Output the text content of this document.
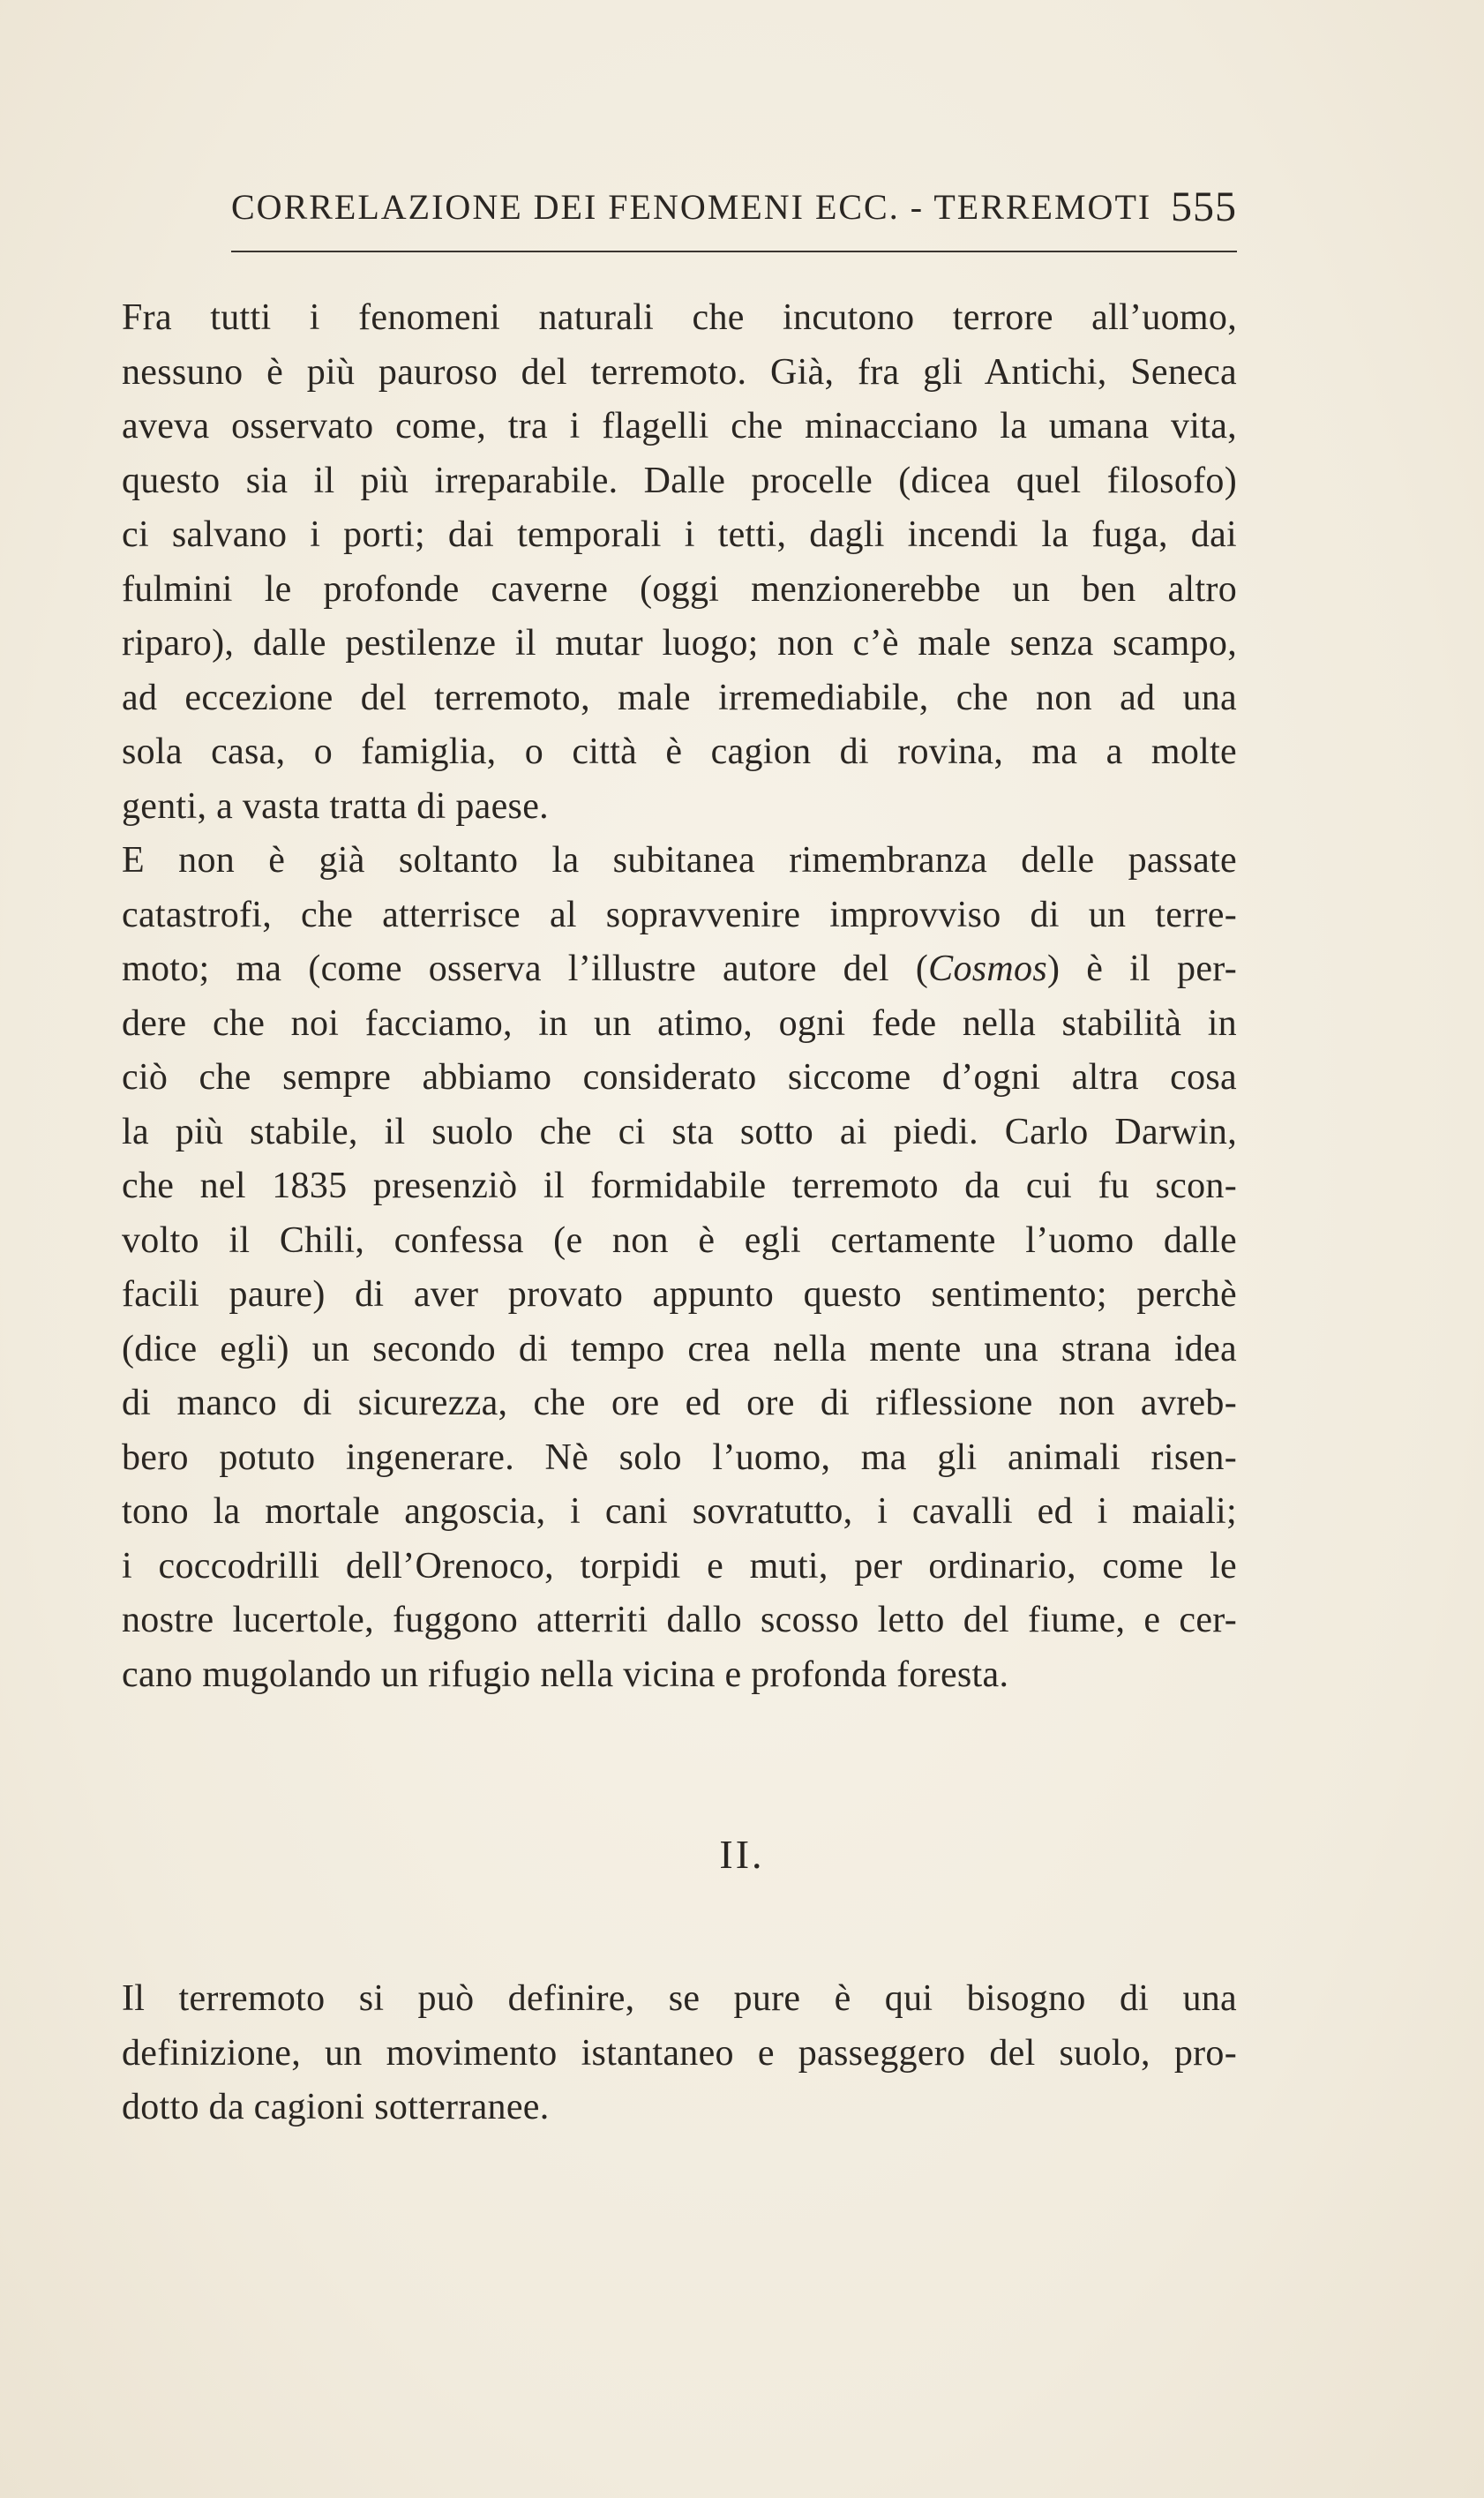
CORRELAZIONE DEI FENOMENI ECC. - TERREMOTI 555
Fra tutti i fenomeni naturali che incutono terrore all’uomo,
nessuno è più pauroso del terremoto. Già, fra gli Antichi, Seneca
aveva osservato come, tra i flagelli che minacciano la umana vita,
questo sia il più irreparabile. Dalle procelle (dicea quel filosofo)
ci salvano i porti; dai temporali i tetti, dagli incendi la fuga, dai
fulmini le profonde caverne (oggi menzionerebbe un ben altro
riparo), dalle pestilenze il mutar luogo; non c’è male senza scampo,
ad eccezione del terremoto, male irremediabile, che non ad una
sola casa, o famiglia, o città è cagion di rovina, ma a molte
genti, a vasta tratta di paese.
E non è già soltanto la subitanea rimembranza delle passate
catastrofi, che atterrisce al sopravvenire improvviso di un terre-
moto; ma (come osserva l’illustre autore del (Cosmos) è il per-
dere che noi facciamo, in un atimo, ogni fede nella stabilità in
ciò che sempre abbiamo considerato siccome d’ogni altra cosa
la più stabile, il suolo che ci sta sotto ai piedi. Carlo Darwin,
che nel 1835 presenziò il formidabile terremoto da cui fu scon-
volto il Chili, confessa (e non è egli certamente l’uomo dalle
facili paure) di aver provato appunto questo sentimento; perchè
(dice egli) un secondo di tempo crea nella mente una strana idea
di manco di sicurezza, che ore ed ore di riflessione non avreb-
bero potuto ingenerare. Nè solo l’uomo, ma gli animali risen-
tono la mortale angoscia, i cani sovratutto, i cavalli ed i maiali;
i coccodrilli dell’Orenoco, torpidi e muti, per ordinario, come le
nostre lucertole, fuggono atterriti dallo scosso letto del fiume, e cer-
cano mugolando un rifugio nella vicina e profonda foresta.
II.
Il terremoto si può definire, se pure è qui bisogno di una
definizione, un movimento istantaneo e passeggero del suolo, pro-
dotto da cagioni sotterranee.
